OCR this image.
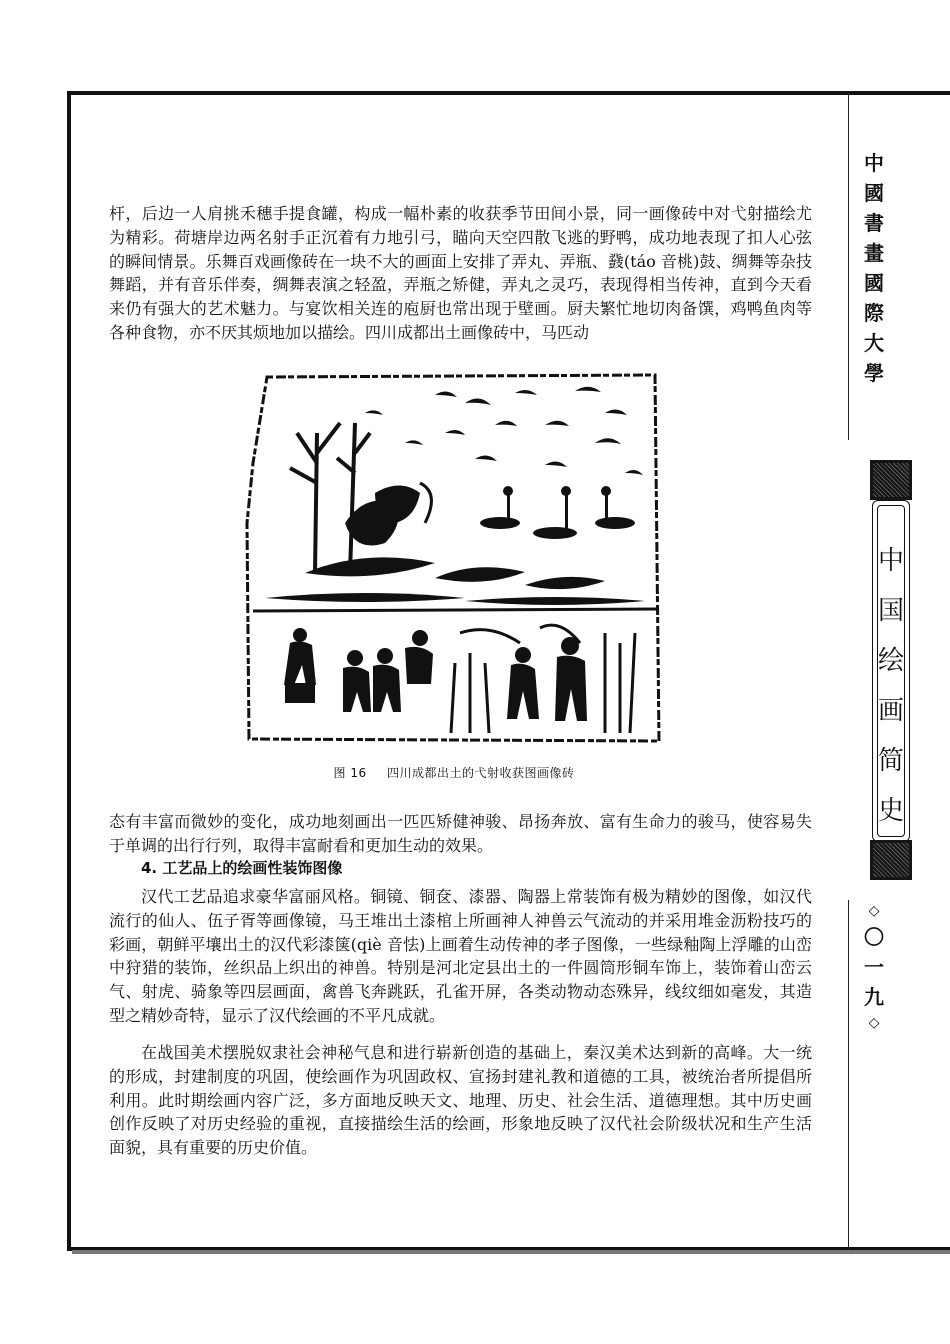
中
國
書
畫
國
際
大
學
中
国
绘
画
简
史
◇
〇
一
九
◇

杆，后边一人肩挑禾穗手提食罐，构成一幅朴素的收获季节田间小景，同一画像砖中对弋射描绘尤为精彩。荷塘岸边两名射手正沉着有力地引弓，瞄向天空四散飞逃的野鸭，成功地表现了扣人心弦的瞬间情景。乐舞百戏画像砖在一块不大的画面上安排了弄丸、弄瓶、鼗(táo 音桃)鼓、绸舞等杂技舞蹈，并有音乐伴奏，绸舞表演之轻盈，弄瓶之矫健，弄丸之灵巧，表现得相当传神，直到今天看来仍有强大的艺术魅力。与宴饮相关连的庖厨也常出现于壁画。厨夫繁忙地切肉备馔，鸡鸭鱼肉等各种食物，亦不厌其烦地加以描绘。四川成都出土画像砖中，马匹动

图 16 四川成都出土的弋射收获图画像砖

态有丰富而微妙的变化，成功地刻画出一匹匹矫健神骏、昂扬奔放、富有生命力的骏马，使容易失于单调的出行行列，取得丰富耐看和更加生动的效果。

4. 工艺品上的绘画性装饰图像

汉代工艺品追求豪华富丽风格。铜镜、铜奁、漆器、陶器上常装饰有极为精妙的图像，如汉代流行的仙人、伍子胥等画像镜，马王堆出土漆棺上所画神人神兽云气流动的并采用堆金沥粉技巧的彩画，朝鲜平壤出土的汉代彩漆箧(qiè 音怯)上画着生动传神的孝子图像，一些绿釉陶上浮雕的山峦中狩猎的装饰，丝织品上织出的神兽。特别是河北定县出土的一件圆筒形铜车饰上，装饰着山峦云气、射虎、骑象等四层画面，禽兽飞奔跳跃，孔雀开屏，各类动物动态殊异，线纹细如毫发，其造型之精妙奇特，显示了汉代绘画的不平凡成就。

在战国美术摆脱奴隶社会神秘气息和进行崭新创造的基础上，秦汉美术达到新的高峰。大一统的形成，封建制度的巩固，使绘画作为巩固政权、宣扬封建礼教和道德的工具，被统治者所提倡所利用。此时期绘画内容广泛，多方面地反映天文、地理、历史、社会生活、道德理想。其中历史画创作反映了对历史经验的重视，直接描绘生活的绘画，形象地反映了汉代社会阶级状况和生产生活面貌，具有重要的历史价值。
